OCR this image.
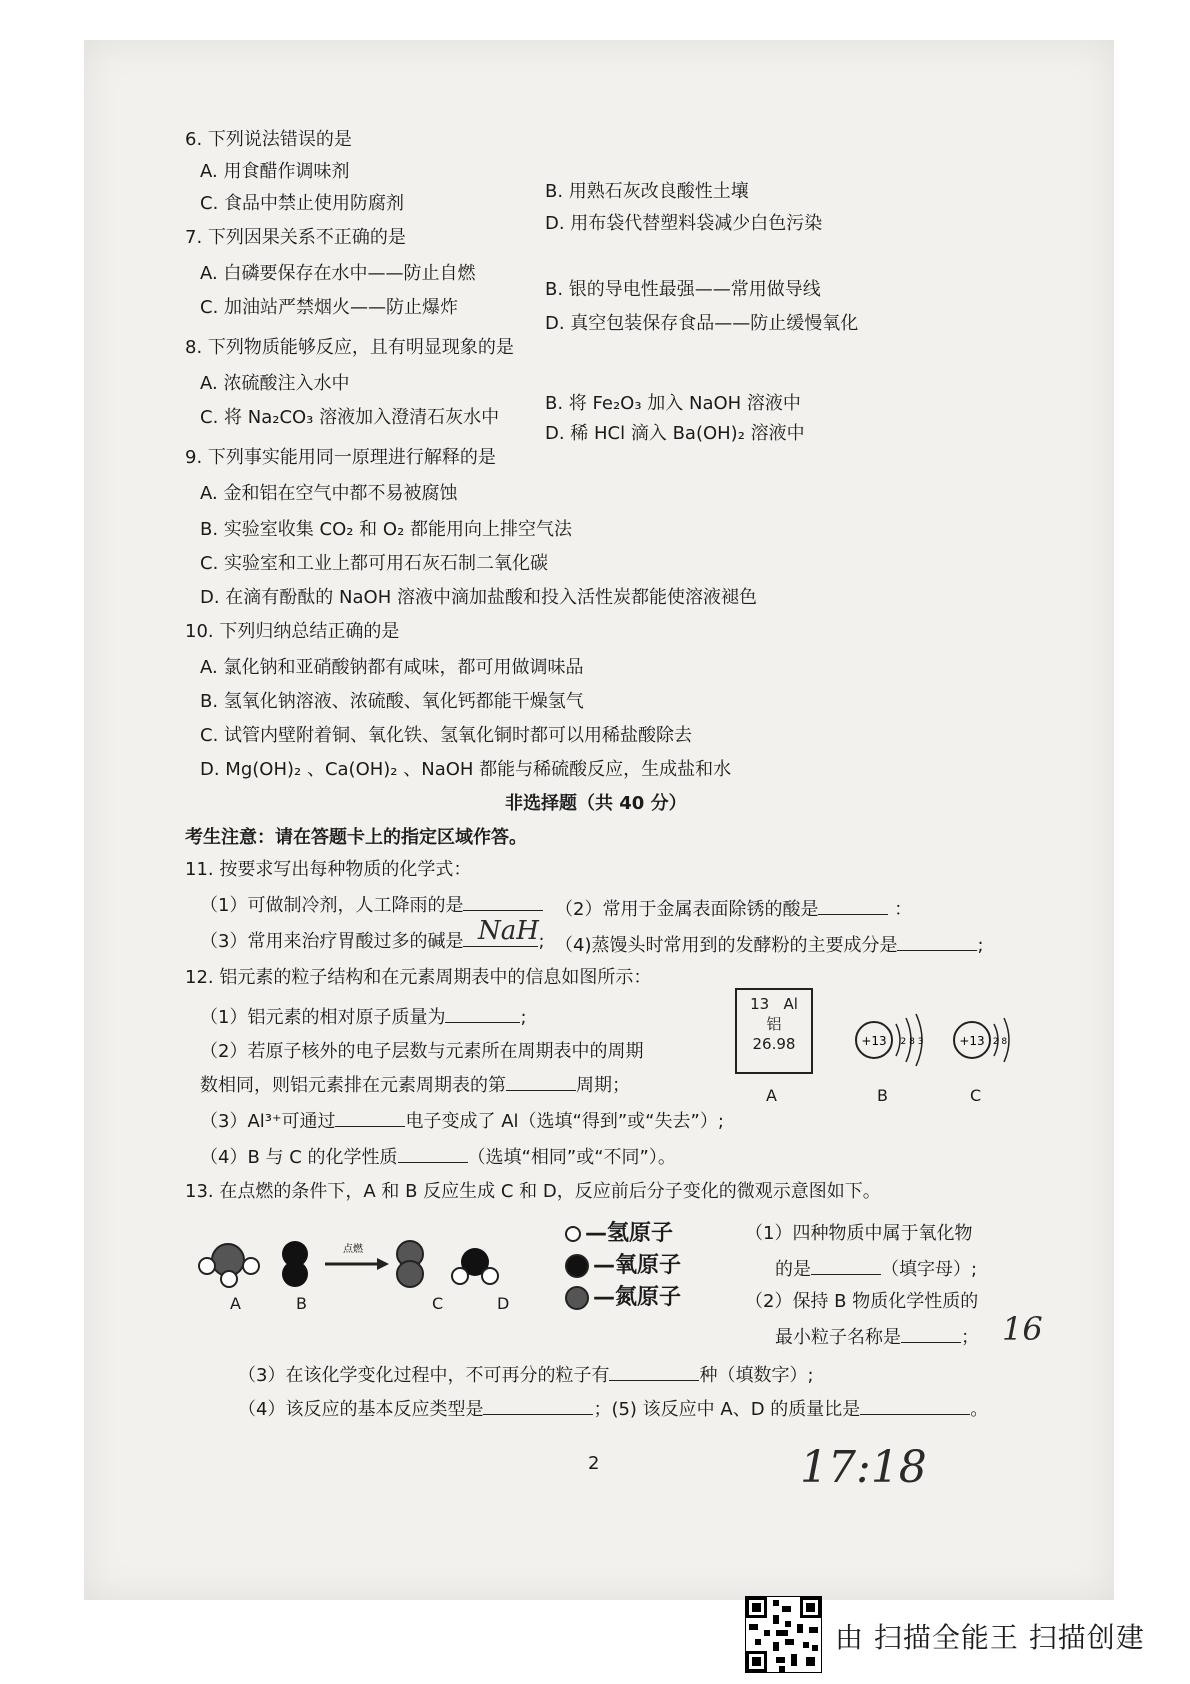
6. 下列说法错误的是
A. 用食醋作调味剂
B. 用熟石灰改良酸性土壤
C. 食品中禁止使用防腐剂
D. 用布袋代替塑料袋减少白色污染
7. 下列因果关系不正确的是
A. 白磷要保存在水中——防止自燃
B. 银的导电性最强——常用做导线
C. 加油站严禁烟火——防止爆炸
D. 真空包装保存食品——防止缓慢氧化
8. 下列物质能够反应，且有明显现象的是
A. 浓硫酸注入水中
B. 将 Fe₂O₃ 加入 NaOH 溶液中
C. 将 Na₂CO₃ 溶液加入澄清石灰水中
D. 稀 HCl 滴入 Ba(OH)₂ 溶液中
9. 下列事实能用同一原理进行解释的是
A. 金和铝在空气中都不易被腐蚀
B. 实验室收集 CO₂ 和 O₂ 都能用向上排空气法
C. 实验室和工业上都可用石灰石制二氧化碳
D. 在滴有酚酞的 NaOH 溶液中滴加盐酸和投入活性炭都能使溶液褪色
10. 下列归纳总结正确的是
A. 氯化钠和亚硝酸钠都有咸味，都可用做调味品
B. 氢氧化钠溶液、浓硫酸、氧化钙都能干燥氢气
C. 试管内壁附着铜、氧化铁、氢氧化铜时都可以用稀盐酸除去
D. Mg(OH)₂ 、Ca(OH)₂ 、NaOH 都能与稀硫酸反应，生成盐和水
非选择题（共 40 分）
考生注意：请在答题卡上的指定区域作答。
11. 按要求写出每种物质的化学式：
（1）可做制冷剂，人工降雨的是	（2）常用于金属表面除锈的酸是	：
（3）常用来治疗胃酸过多的碱是	;
NaH （4)蒸馒头时常用到的发酵粉的主要成分是	;
12. 铝元素的粒子结构和在元素周期表中的信息如图所示：
（1）铝元素的相对原子质量为	;
（2）若原子核外的电子层数与元素所在周期表中的周期
数相同，则铝元素排在元素周期表的第	周期；
（3）Al³⁺可通过	电子变成了 Al（选填“得到”或“失去”）;
（4）B 与 C 的化学性质	（选填“相同”或“不同”）。
13 Al
铝
26.98
A
+13 2 8 3
B
+13 2 8
C
13. 在点燃的条件下，A 和 B 反应生成 C 和 D，反应前后分子变化的微观示意图如下。
点燃
A	B	C	D
—氢原子
—氧原子
—氮原子
（1）四种物质中属于氧化物
的是	（填字母）;
（2）保持 B 物质化学性质的
最小粒子名称是	； 16
（3）在该化学变化过程中，不可再分的粒子有	种（填数字）;
（4）该反应的基本反应类型是	；(5) 该反应中 A、D 的质量比是	。
2	17:18
由 扫描全能王 扫描创建
